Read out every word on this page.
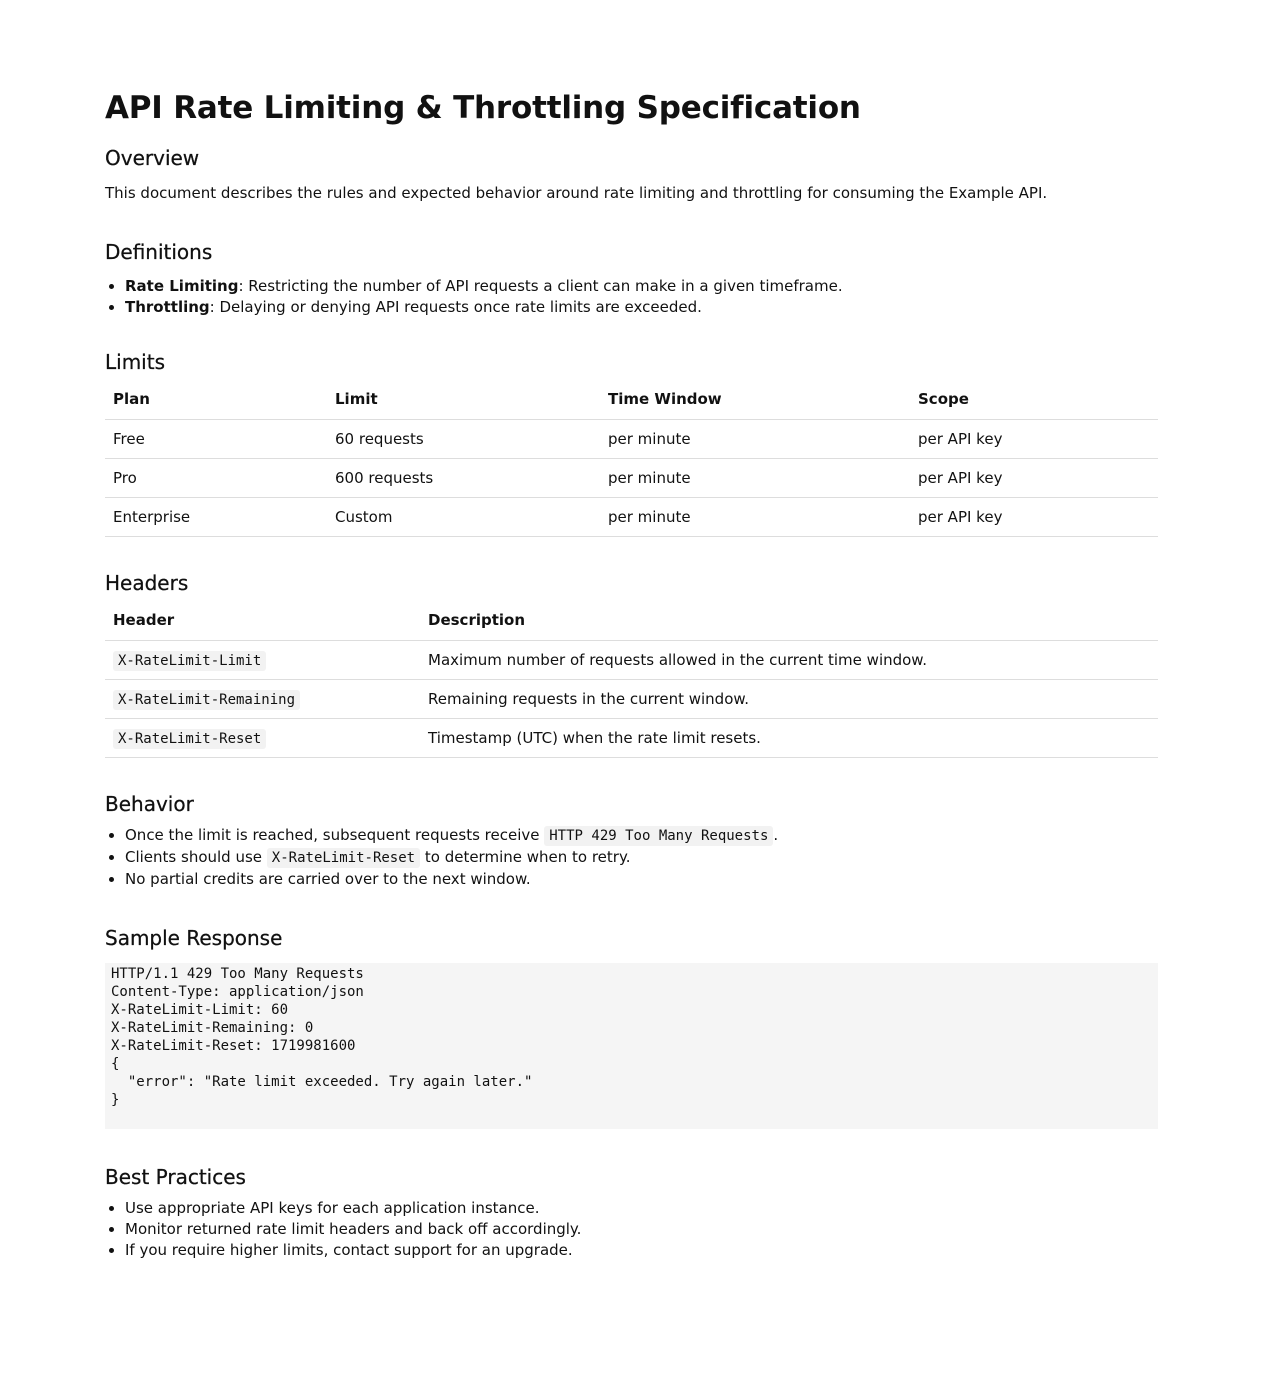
API Rate Limiting & Throttling Specification
Overview

This document describes the rules and expected behavior around rate limiting and throttling for consuming the Example API.

Definitions
• Rate Limiting: Restricting the number of API requests a client can make in a given timeframe.
• Throttling: Delaying or denying API requests once rate limits are exceeded.
Limits
Plan	Limit	Time Window	Scope
Free	60 requests	per minute	per API key
Pro	600 requests	per minute	per API key
Enterprise	Custom	per minute	per API key
Headers
Header	Description
X-RateLimit-Limit	Maximum number of requests allowed in the current time window.
X-RateLimit-Remaining	Remaining requests in the current window.
X-RateLimit-Reset	Timestamp (UTC) when the rate limit resets.
Behavior
• Once the limit is reached, subsequent requests receive HTTP 429 Too Many Requests .
• Clients should use X-RateLimit-Reset to determine when to retry.
• No partial credits are carried over to the next window.
Sample Response
HTTP/1.1 429 Too Many Requests
Content-Type: application/json
X-RateLimit-Limit: 60
X-RateLimit-Remaining: 0
X-RateLimit-Reset: 1719981600
{
"error": "Rate limit exceeded. Try again later."
}
Best Practices
• Use appropriate API keys for each application instance.
• Monitor returned rate limit headers and back off accordingly.
• If you require higher limits, contact support for an upgrade.
